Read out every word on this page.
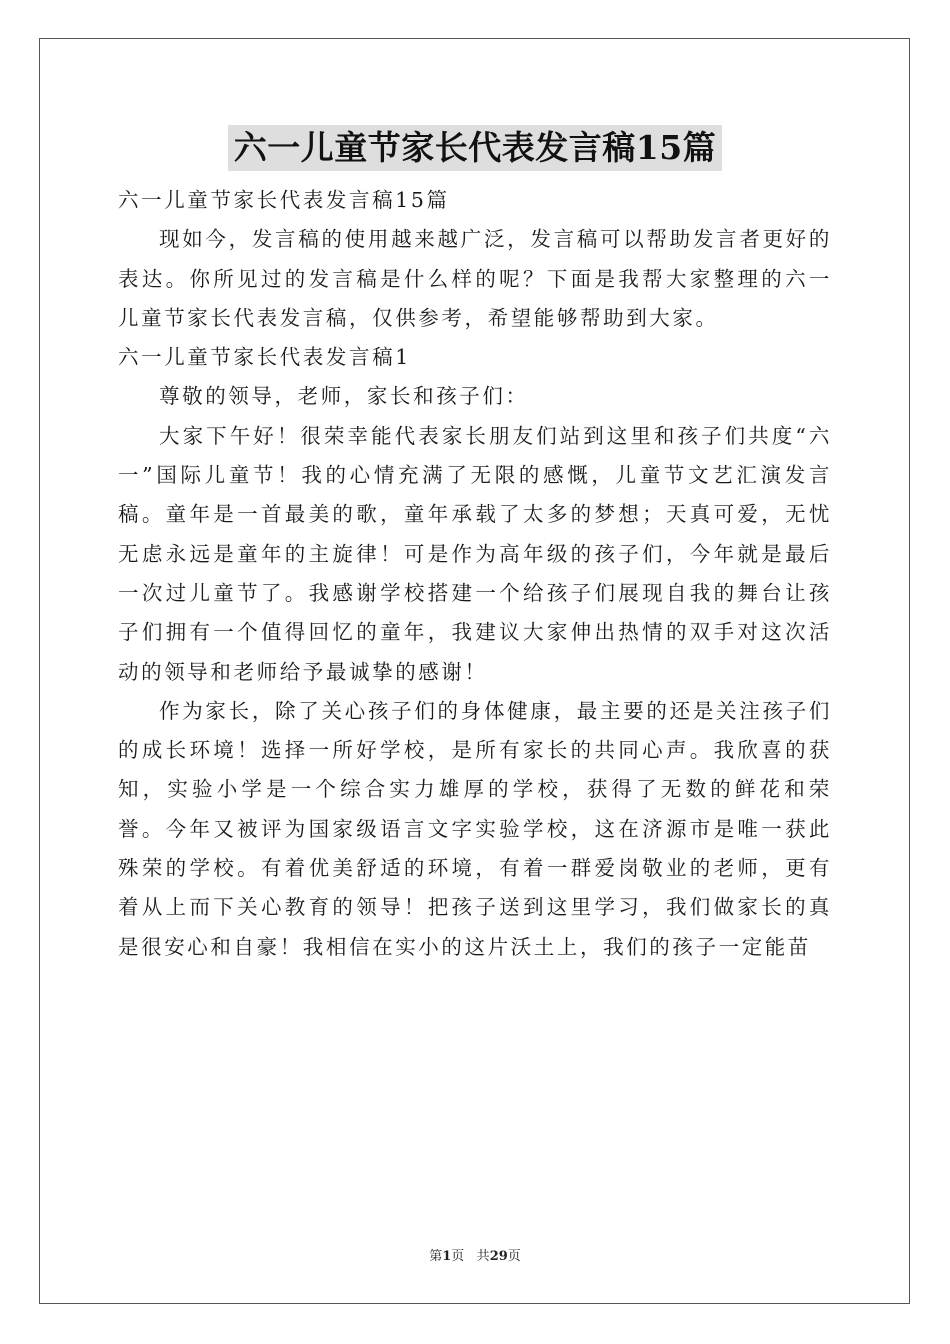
六一儿童节家长代表发言稿15篇

六一儿童节家长代表发言稿15篇

现如今，发言稿的使用越来越广泛，发言稿可以帮助发言者更好的表达。你所见过的发言稿是什么样的呢？下面是我帮大家整理的六一儿童节家长代表发言稿，仅供参考，希望能够帮助到大家。

六一儿童节家长代表发言稿1

尊敬的领导，老师，家长和孩子们：

大家下午好！很荣幸能代表家长朋友们站到这里和孩子们共度“六一”国际儿童节！我的心情充满了无限的感慨，儿童节文艺汇演发言稿。童年是一首最美的歌，童年承载了太多的梦想；天真可爱，无忧无虑永远是童年的主旋律！可是作为高年级的孩子们，今年就是最后一次过儿童节了。我感谢学校搭建一个给孩子们展现自我的舞台让孩子们拥有一个值得回忆的童年，我建议大家伸出热情的双手对这次活动的领导和老师给予最诚挚的感谢！

作为家长，除了关心孩子们的身体健康，最主要的还是关注孩子们的成长环境！选择一所好学校，是所有家长的共同心声。我欣喜的获知，实验小学是一个综合实力雄厚的学校，获得了无数的鲜花和荣誉。今年又被评为国家级语言文字实验学校，这在济源市是唯一获此殊荣的学校。有着优美舒适的环境，有着一群爱岗敬业的老师，更有着从上而下关心教育的领导！把孩子送到这里学习，我们做家长的真是很安心和自豪！我相信在实小的这片沃土上，我们的孩子一定能苗

第1页 共29页
